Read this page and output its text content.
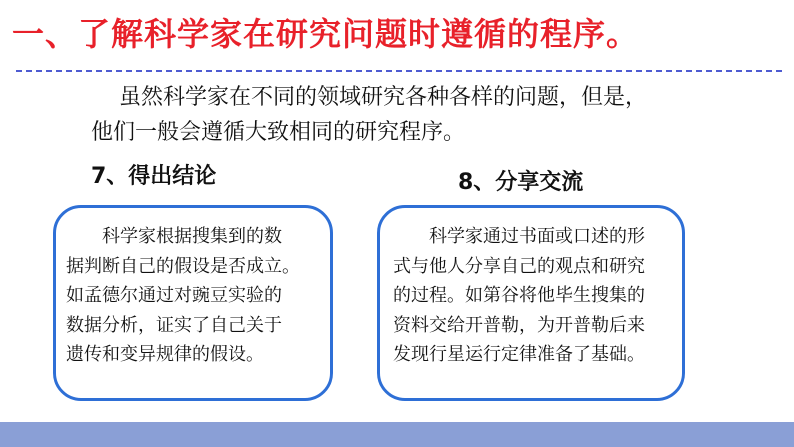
一、了解科学家在研究问题时遵循的程序。
虽然科学家在不同的领域研究各种各样的问题，但是，
他们一般会遵循大致相同的研究程序。
7、得出结论	8、分享交流
科学家根据搜集到的数
据判断自己的假设是否成立。
如孟德尔通过对豌豆实验的
数据分析，证实了自己关于
遗传和变异规律的假设。
科学家通过书面或口述的形
式与他人分享自己的观点和研究
的过程。如第谷将他毕生搜集的
资料交给开普勒，为开普勒后来
发现行星运行定律准备了基础。
